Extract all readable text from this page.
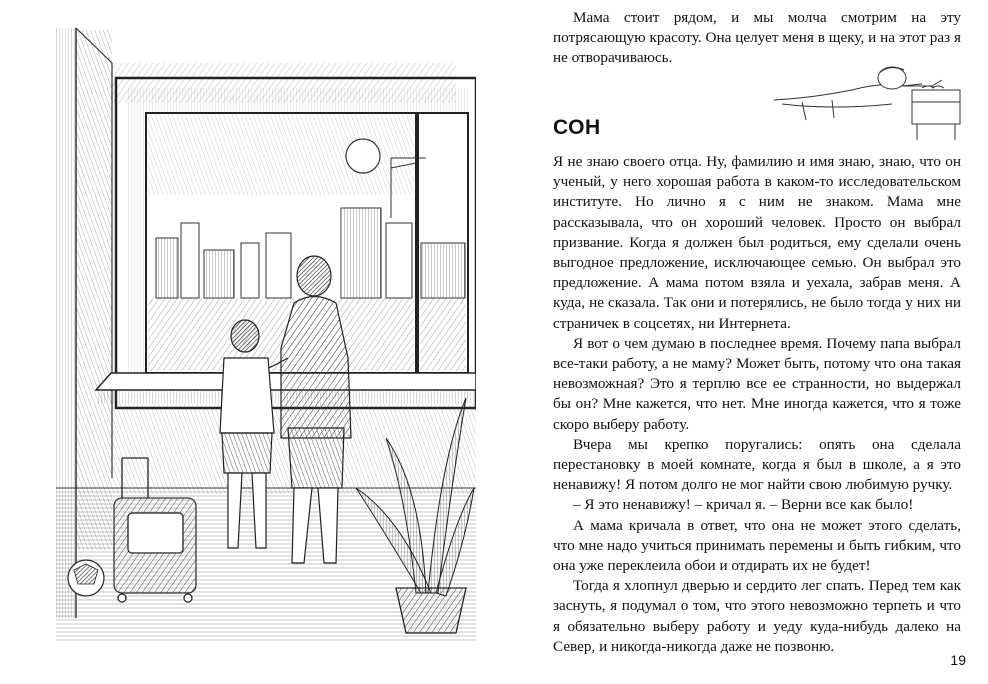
Мама стоит рядом, и мы молча смотрим на эту потрясающую красоту. Она целует меня в щеку, и на этот раз я не отворачиваюсь.

СОН

Я не знаю своего отца. Ну, фамилию и имя знаю, знаю, что он ученый, у него хорошая работа в каком-то исследовательском институте. Но лично я с ним не знаком. Мама мне рассказывала, что он хороший человек. Просто он выбрал призвание. Когда я должен был родиться, ему сделали очень выгодное предложение, исключающее семью. Он выбрал это предложение. А мама потом взяла и уехала, забрав меня. А куда, не сказала. Так они и потерялись, не было тогда у них ни страничек в соцсетях, ни Интернета.

Я вот о чем думаю в последнее время. Почему папа выбрал все-таки работу, а не маму? Может быть, потому что она такая невозможная? Это я терплю все ее странности, но выдержал бы он? Мне кажется, что нет. Мне иногда кажется, что я тоже скоро выберу работу.

Вчера мы крепко поругались: опять она сделала перестановку в моей комнате, когда я был в школе, а я это ненавижу! Я потом долго не мог найти свою любимую ручку.

– Я это ненавижу! – кричал я. – Верни все как было!

А мама кричала в ответ, что она не может этого сделать, что мне надо учиться принимать перемены и быть гибким, что она уже переклеила обои и отдирать их не будет!

Тогда я хлопнул дверью и сердито лег спать. Перед тем как заснуть, я подумал о том, что этого невозможно терпеть и что я обязательно выберу работу и уеду куда-нибудь далеко на Север, и никогда-никогда даже не позвоню.

19
